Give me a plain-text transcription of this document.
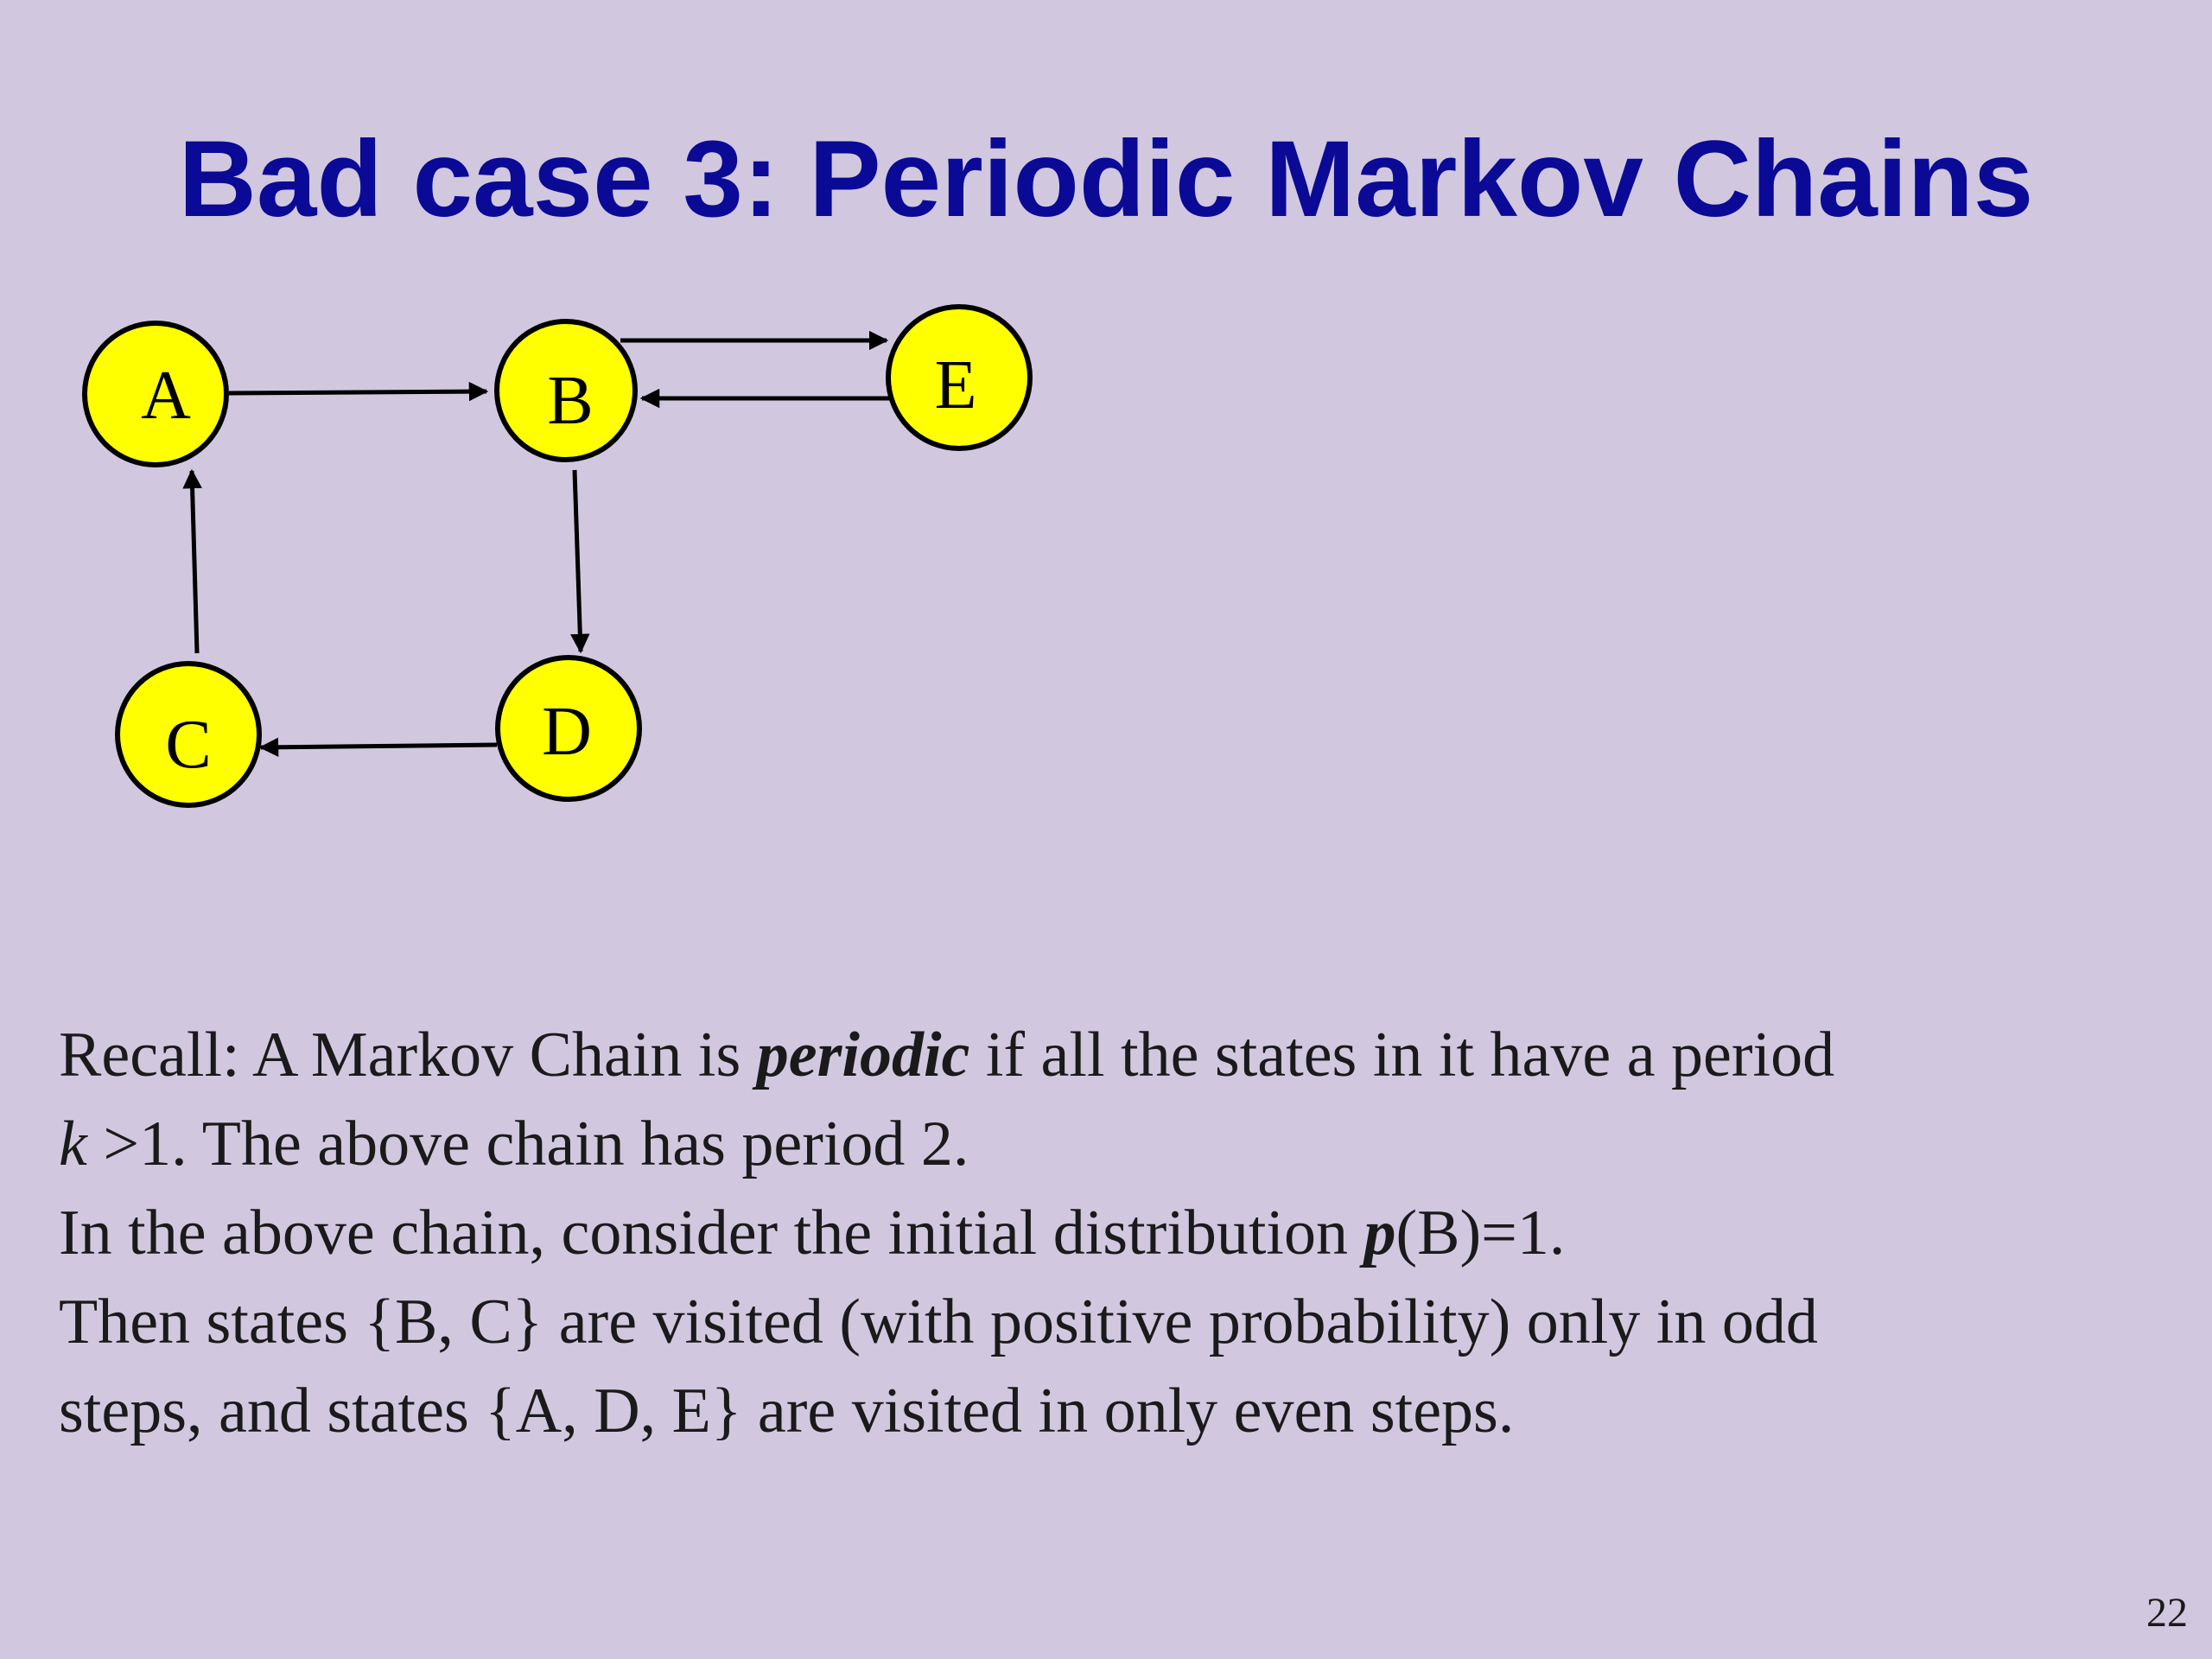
Bad case 3: Periodic Markov Chains
A	B
C	D
E

Recall: A Markov Chain is periodic if all the states in it have a period

k >1. The above chain has period 2.

In the above chain, consider the initial distribution p(B)=1.

Then states {B, C} are visited (with positive probability) only in odd

steps, and states {A, D, E} are visited in only even steps.

22
